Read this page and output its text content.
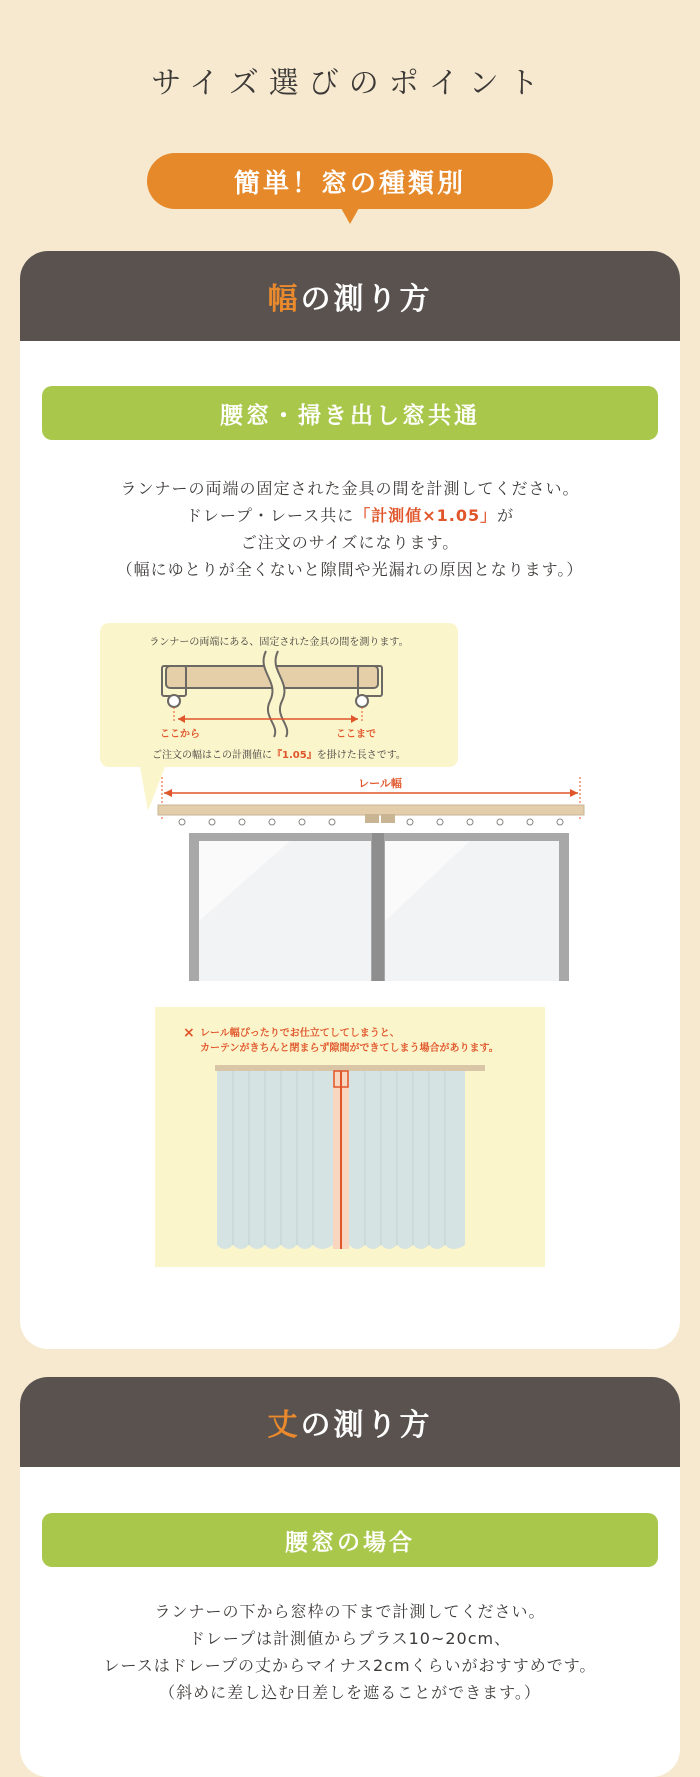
サイズ選びのポイント
簡単！窓の種類別
幅 の測り方
腰窓・掃き出し窓共通
ランナーの両端の固定された金具の間を計測してください。
ドレープ・レース共に「計測値×1.05」が
ご注文のサイズになります。
（幅にゆとりが全くないと隙間や光漏れの原因となります。）
ランナーの両端にある、固定された金具の間を測ります。
ここから	ここまで
ご注文の幅はこの計測値に『1.05』を掛けた長さです。
レール幅
× レール幅ぴったりでお仕立てしてしまうと、
カーテンがきちんと閉まらず隙間ができてしまう場合があります。
丈 の測り方
腰窓の場合
ランナーの下から窓枠の下まで計測してください。
ドレープは計測値からプラス10~20cm、
レースはドレープの丈からマイナス2cmくらいがおすすめです。
（斜めに差し込む日差しを遮ることができます。）
